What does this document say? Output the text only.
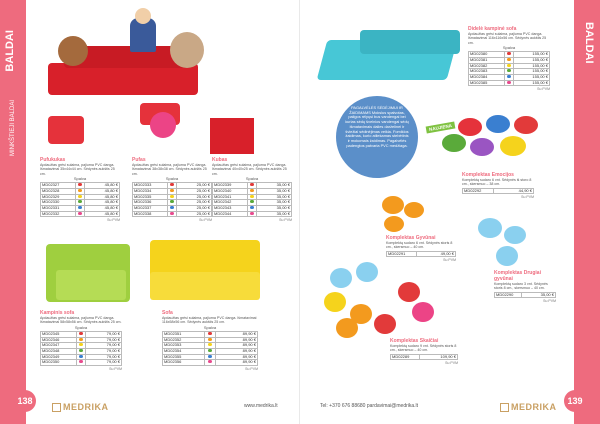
BALDAI
MINKŠTIEJI BALDAI
Pufukukas
Apdaužtas grėsi sulaima, pajiurna PVC danga. Išmatavimai 35x44x44 cm. Sėdynės aukštis 25 cm.
Spalva
MD02327		45,80 €
MD02328		45,80 €
MD02329		45,80 €
MD02330		45,80 €
MD02331		45,80 €
MD02332		45,80 €
Su PVM
Pufas
Apdaužtas grėsi sulaima, pajiurna PVC danga. Išmatavimai 38x38x38 cm. Sėdynės aukštis 25 cm.
Spalva
MD02333		25,00 €
MD02334		25,00 €
MD02335		25,00 €
MD02336		25,00 €
MD02337		25,00 €
MD02338		25,00 €
Su PVM
Kubas
Apdaužtas grėsi sulaima, pajiurna PVC danga. Išmatavimai 40x40x25 cm. Sėdynės aukštis 25 cm.
Spalva
MD02339		35,00 €
MD02340		35,00 €
MD02341		35,00 €
MD02342		35,00 €
MD02343		35,00 €
MD02344		35,00 €
Su PVM
Kampinis sofa
Apdaužtas grėsi sulaima, pajiurna PVC danga. Išmatavimai 58x58x56 cm. Sėdynės aukštis 25 cm.
Spalva
MD02345		79,00 €
MD02346		79,00 €
MD02347		79,00 €
MD02348		79,00 €
MD02349		79,00 €
MD02350		79,00 €
Su PVM
Sofa
Apdaužtas grėsi sulaima, pajiurna PVC danga. Išmatavimai 116x58x56 cm. Sėdynės aukštis 25 cm.
Spalva
MD02351		89,90 €
MD02352		89,90 €
MD02353		89,90 €
MD02354		89,90 €
MD02355		89,90 €
MD02356		89,90 €
Su PVM
138
MEDRIKA	www.medrika.lt
BALDAI
Didelė kampinė sofa
Apdaužtas grėsi sulaima, pajiurna PVC danga. Išmatavimai 116x116x56 cm. Sėdynės aukštis 25 cm.
Spalva
MD02380		155,00 €
MD02381		155,00 €
MD02382		155,00 €
MD02383		155,00 €
MD02384		155,00 €
MD02385		155,00 €
Su PVM
PAGALVĖLĖS SĖDĖJIMUI IR ŽAIDIMAMS Mokslus spalvotas, pailgos rėlyųsi bus vandengai bei kurias sėdų švelnios vandengai sėdų išmatavimais dalies darželinei ir šviežiai sėdinėjimas veikia. Fomiklos žaidimas, kurio atliekamas stebėtinis ir mokomais žaidimas. Pagalvėlės padengtos patvaria PVC medžiaga.
NAUJIENA
Komplektas Emocijos
Komplektą sudaro 6 vnt. Sėdynės iš storo 8 cm., skersmuo – 38 cm.
MD02292	44,90 €
Su PVM
Komplektas Gyvūnai
Komplektą sudaro 6 vnt. Sėdynės storis 8 cm., skersmuo – 40 cm.
MD02291	49,00 €
Su PVM
Komplektas Drugiai gyvūnai
Komplektą sudaro 3 vnt. Sėdynės storis 8 cm., skersmuo – 40 cm.
MD02290	35,00 €
Su PVM
Komplektas Skaičiai
Komplektą sudaro 9 vnt. Sėdynės storis 8 cm., skersmuo – 40 cm.
MD02289	109,90 €
Su PVM
Tel: +370 676 88680 pardavimai@medrika.lt	MEDRIKA
139
